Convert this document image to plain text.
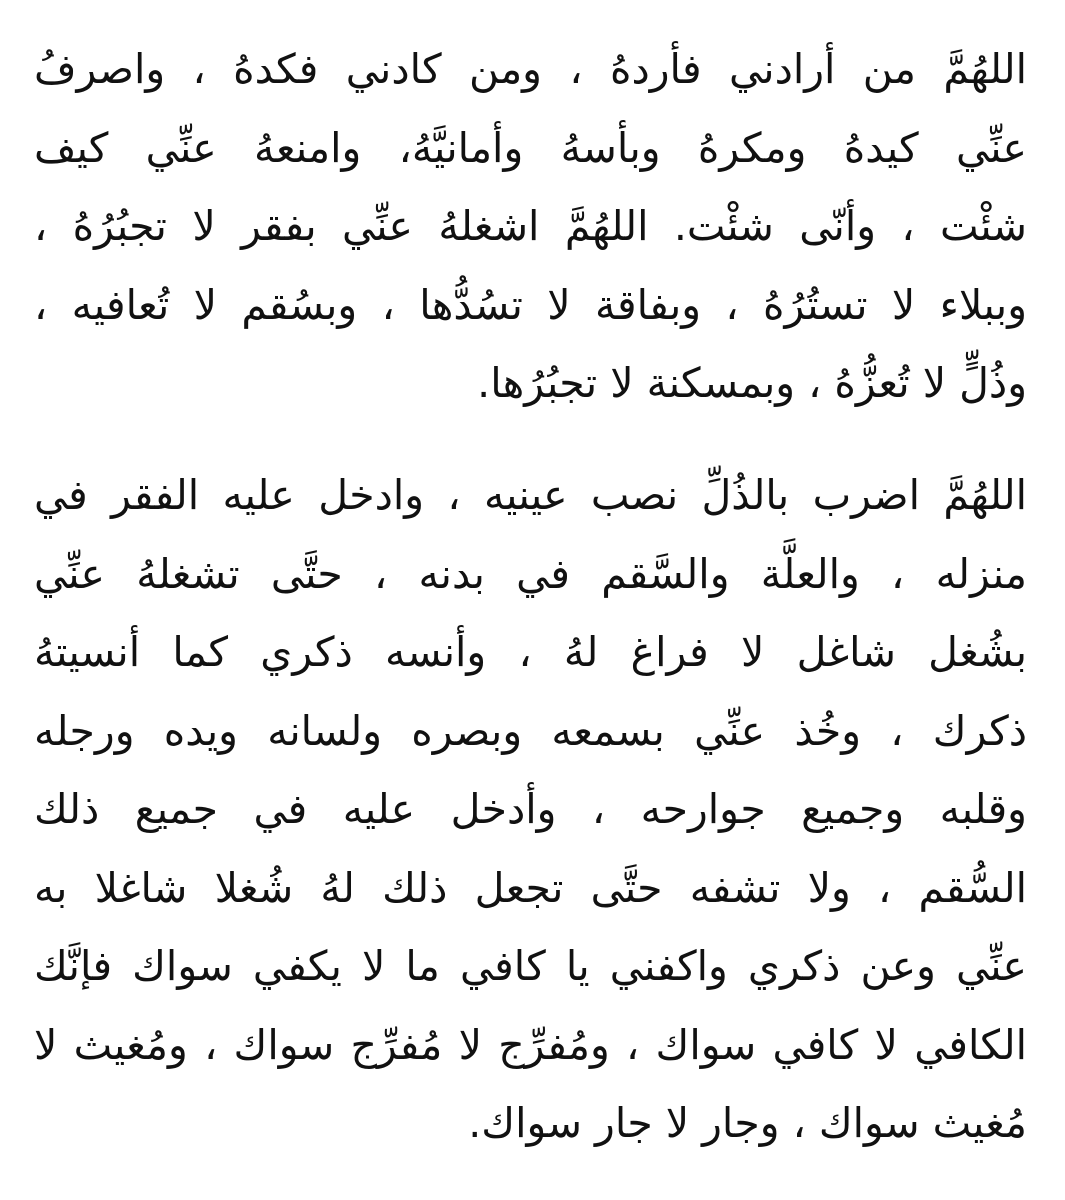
اللهُمَّ من أرادني فأردهُ ، ومن كادني فكدهُ ، واصرفُ
عنِّي كيدهُ ومكرهُ وبأسهُ وأمانيَّهُ، وامنعهُ عنِّي كيف
شئْت ، وأنّى شئْت. اللهُمَّ اشغلهُ عنِّي بفقر لا تجبُرُهُ ،
وببلاء لا تستُرُهُ ، وبفاقة لا تسُدُّها ، وبسُقم لا تُعافيه ،
وذُلٍّ لا تُعزُّهُ ، وبمسكنة لا تجبُرُها.
اللهُمَّ اضرب بالذُلِّ نصب عينيه ، وادخل عليه الفقر في
منزله ، والعلَّة والسَّقم في بدنه ، حتَّى تشغلهُ عنِّي
بشُغل شاغل لا فراغ لهُ ، وأنسه ذكري كما أنسيتهُ
ذكرك ، وخُذ عنِّي بسمعه وبصره ولسانه ويده ورجله
وقلبه وجميع جوارحه ، وأدخل عليه في جميع ذلك
السُّقم ، ولا تشفه حتَّى تجعل ذلك لهُ شُغلا شاغلا به
عنِّي وعن ذكري واكفني يا كافي ما لا يكفي سواك فإنَّك
الكافي لا كافي سواك ، ومُفرِّج لا مُفرِّج سواك ، ومُغيث لا
مُغيث سواك ، وجار لا جار سواك.
